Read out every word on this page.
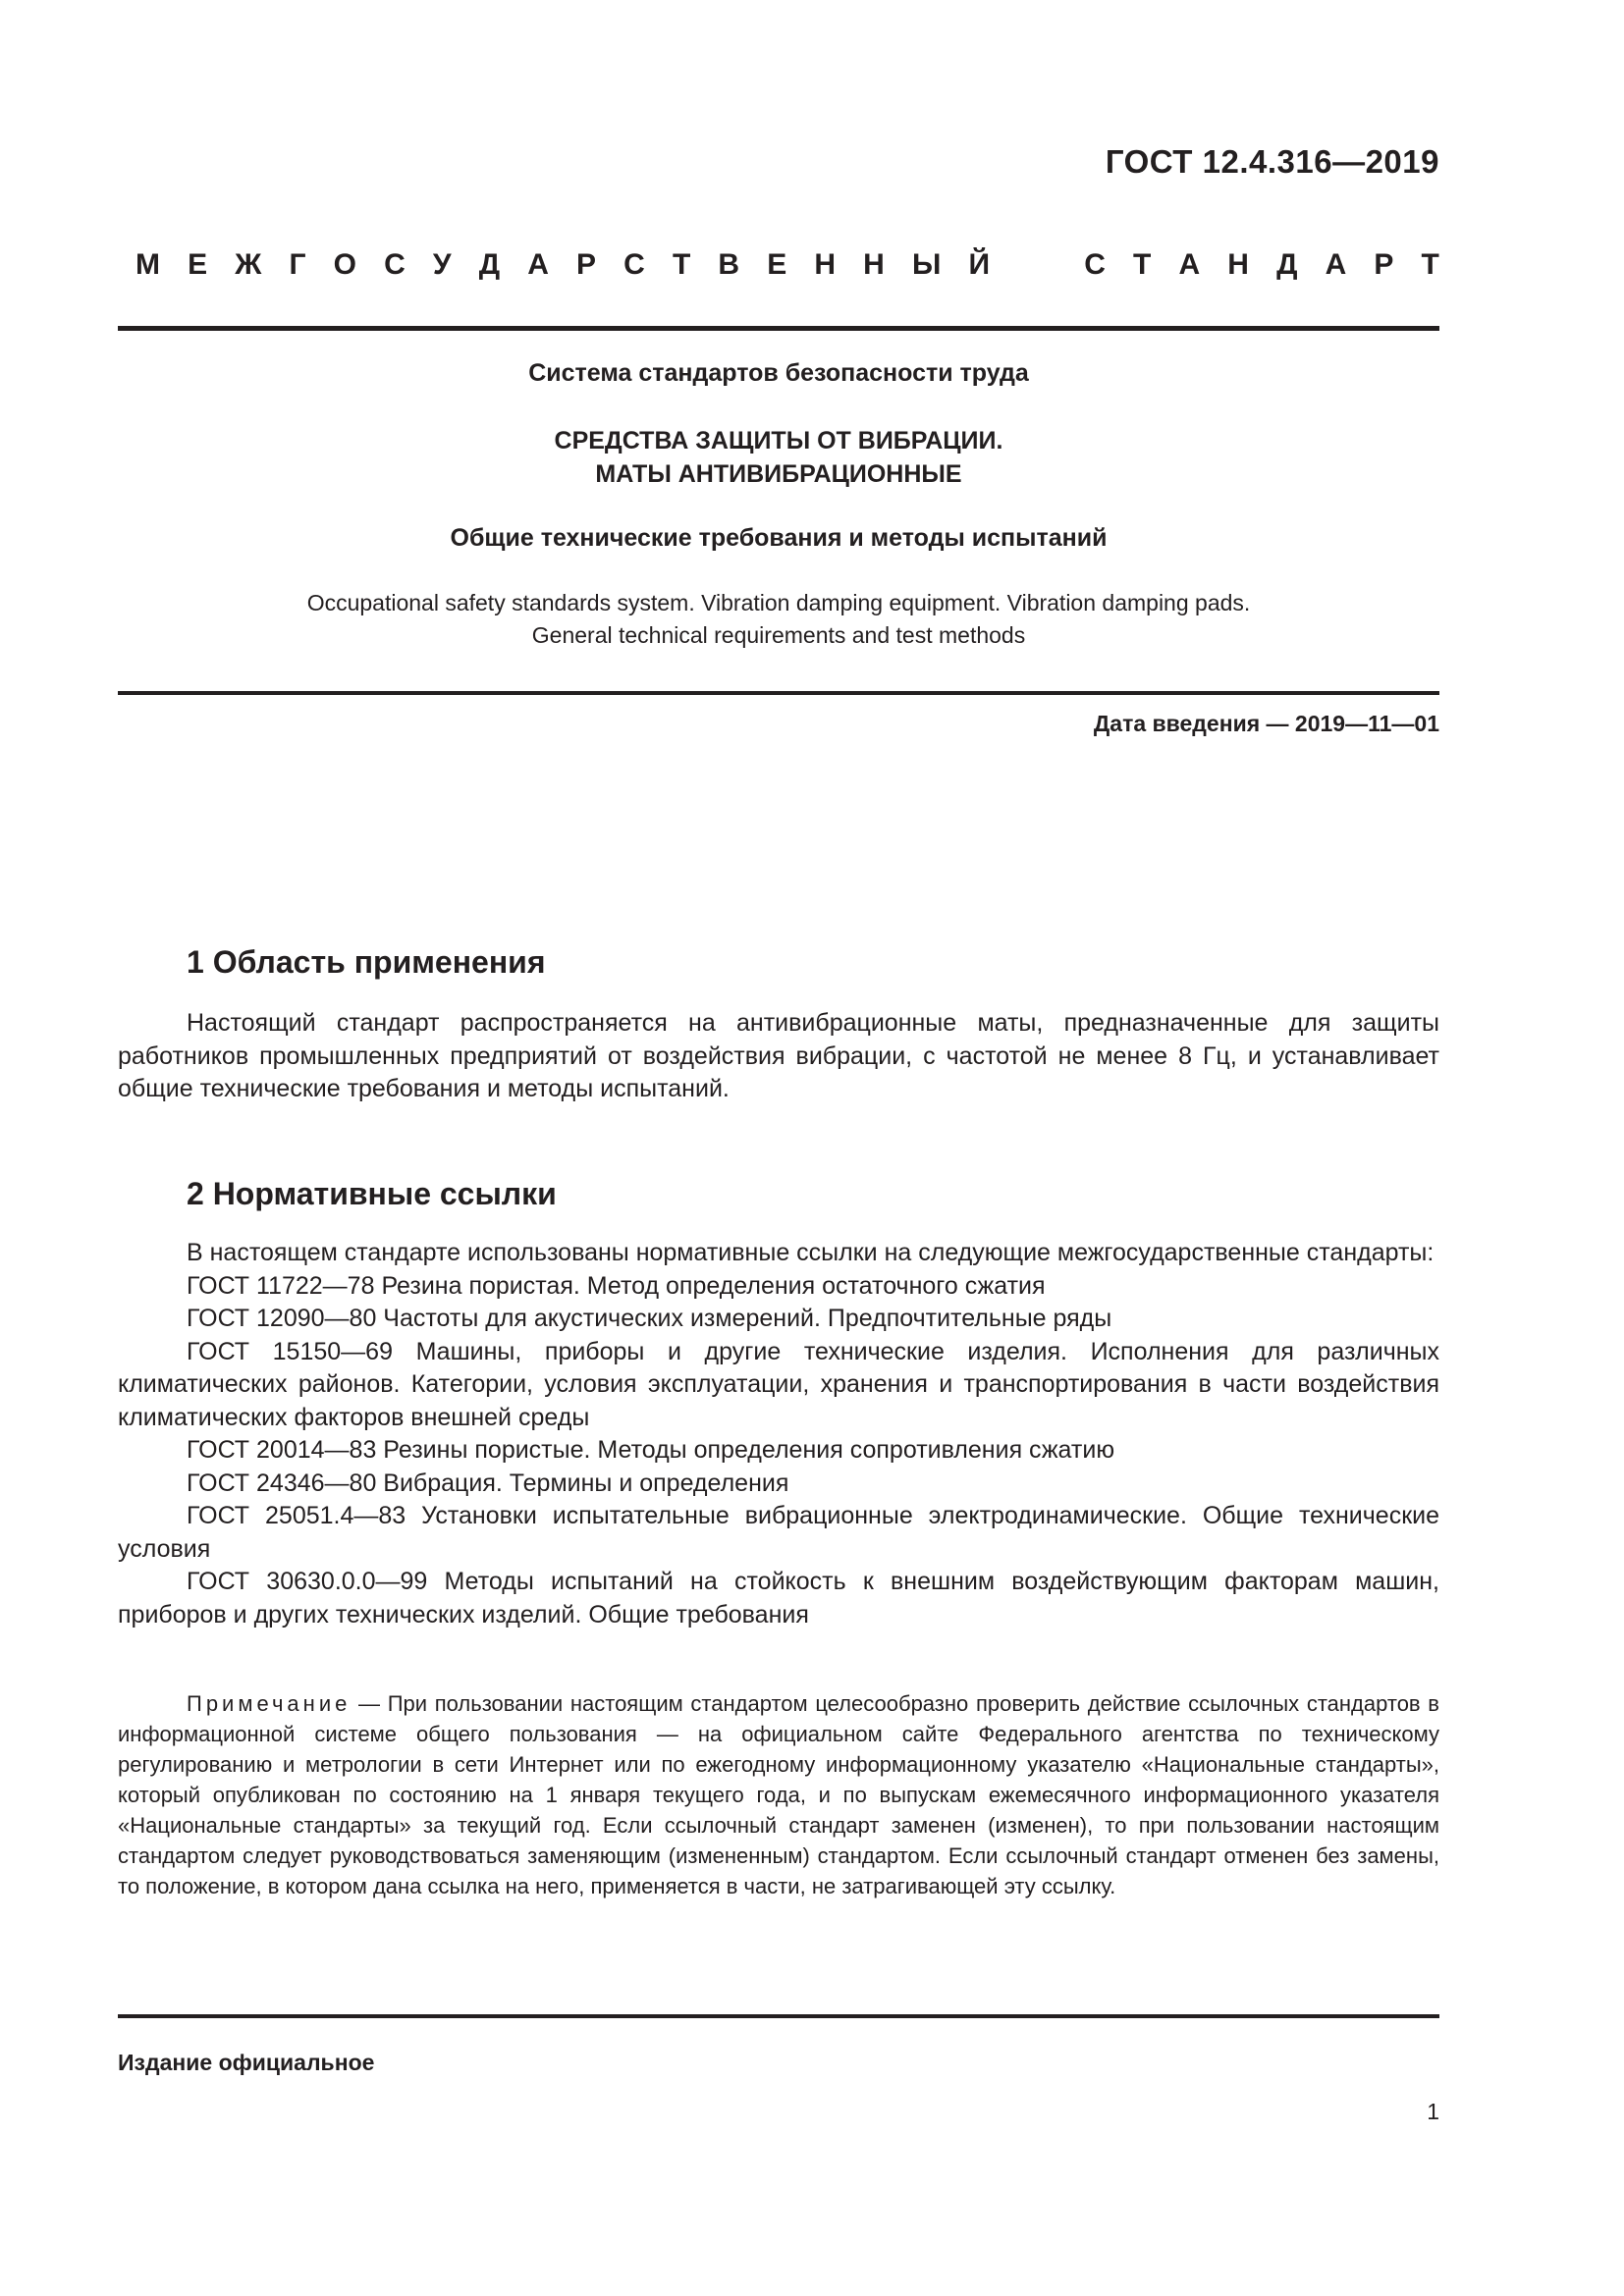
ГОСТ 12.4.316—2019
М Е Ж Г О С У Д А Р С Т В Е Н Н Ы Й	С Т А Н Д А Р Т
Система стандартов безопасности труда
СРЕДСТВА ЗАЩИТЫ ОТ ВИБРАЦИИ.
МАТЫ АНТИВИБРАЦИОННЫЕ
Общие технические требования и методы испытаний
Occupational safety standards system. Vibration damping equipment. Vibration damping pads.
General technical requirements and test methods
Дата введения — 2019—11—01
1 Область применения

Настоящий стандарт распространяется на антивибрационные маты, предназначенные для защиты работников промышленных предприятий от воздействия вибрации, с частотой не менее 8 Гц, и устанавливает общие технические требования и методы испытаний.

2 Нормативные ссылки

В настоящем стандарте использованы нормативные ссылки на следующие межгосударственные стандарты:

ГОСТ 11722—78 Резина пористая. Метод определения остаточного сжатия

ГОСТ 12090—80 Частоты для акустических измерений. Предпочтительные ряды

ГОСТ 15150—69 Машины, приборы и другие технические изделия. Исполнения для различных климатических районов. Категории, условия эксплуатации, хранения и транспортирования в части воздействия климатических факторов внешней среды

ГОСТ 20014—83 Резины пористые. Методы определения сопротивления сжатию

ГОСТ 24346—80 Вибрация. Термины и определения

ГОСТ 25051.4—83 Установки испытательные вибрационные электродинамические. Общие технические условия

ГОСТ 30630.0.0—99 Методы испытаний на стойкость к внешним воздействующим факторам машин, приборов и других технических изделий. Общие требования

Примечание — При пользовании настоящим стандартом целесообразно проверить действие ссылочных стандартов в информационной системе общего пользования — на официальном сайте Федерального агентства по техническому регулированию и метрологии в сети Интернет или по ежегодному информационному указателю «Национальные стандарты», который опубликован по состоянию на 1 января текущего года, и по выпускам ежемесячного информационного указателя «Национальные стандарты» за текущий год. Если ссылочный стандарт заменен (изменен), то при пользовании настоящим стандартом следует руководствоваться заменяющим (измененным) стандартом. Если ссылочный стандарт отменен без замены, то положение, в котором дана ссылка на него, применяется в части, не затрагивающей эту ссылку.
Издание официальное
1
